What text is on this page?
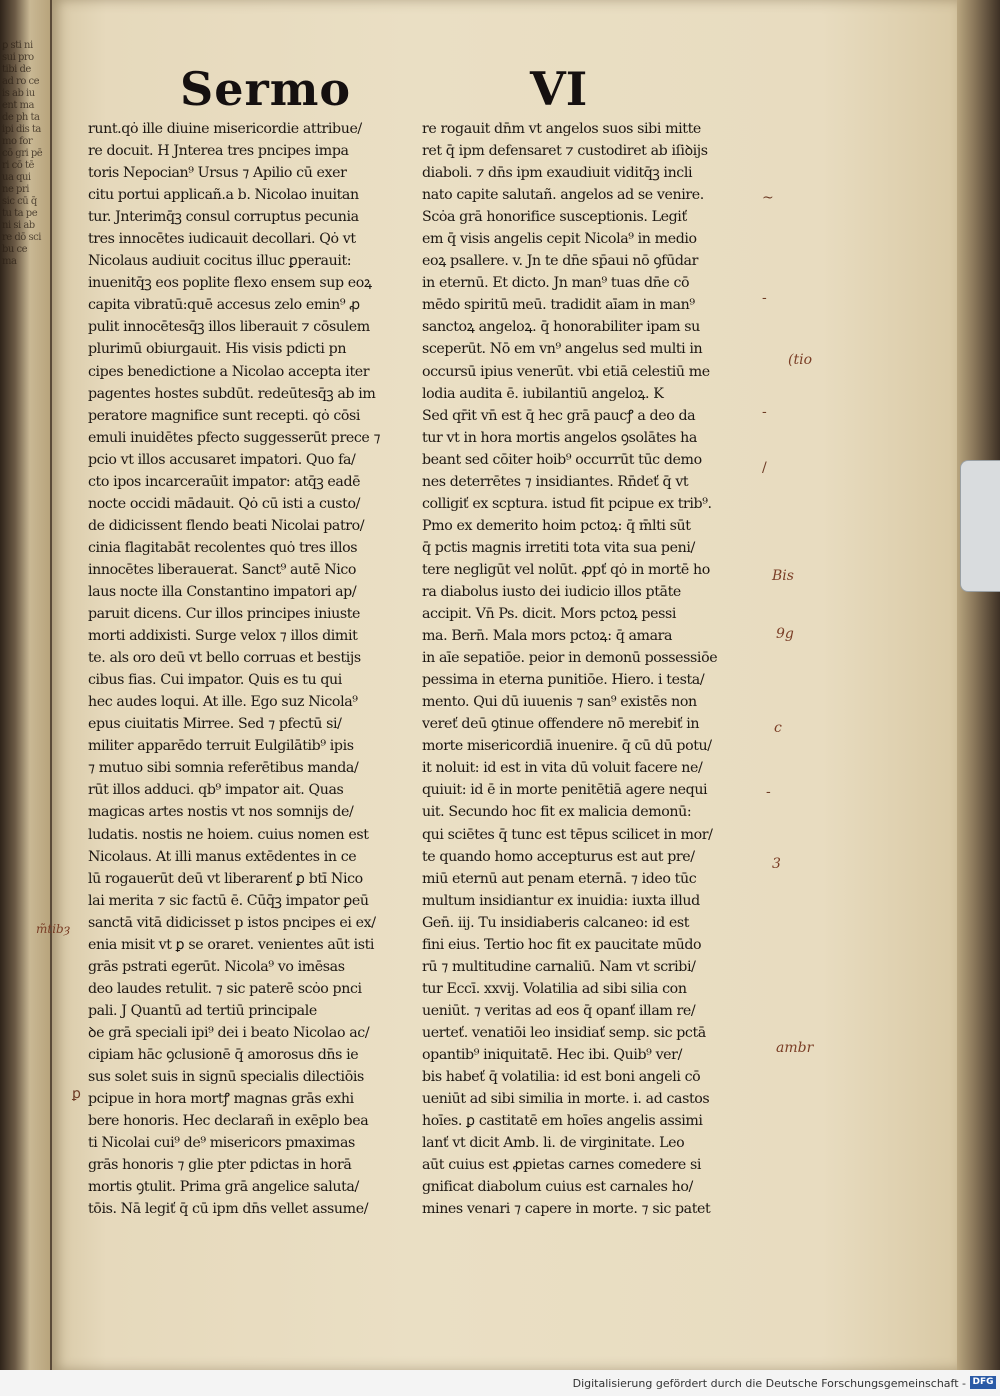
ꝑ sti ni sui pro tibi de ad ro ce is ab iu ent ma de ph ta ipi dis ta mo for cō gri pē ri cō tē ua qui ne pri sic cū q̄ tu ta pe ni si ab re dō sci bu ce ma
Sermo	VI
runt.qȯ ille diuine misericordie attribue/
re docuit. H Jnterea tres pncipes impa
toris Nepocian⁹ Ursus ⁊ Apilio cū exer
citu portui applicañ.a b. Nicolao inuitan
tur. Jnterimq̄ꝫ consul corruptus pecunia
tres innocētes iudicauit decollari. Qȯ vt
Nicolaus audiuit cocitus illuc ꝑperauit:
inuenitq̄ꝫ eos poplite flexo ensem sup eoꝝ
capita vibratū:quē accesus zelo emin⁹ ꝓ
pulit innocētesq̄ꝫ illos liberauit ⁊ cōsulem
plurimū obiurgauit. His visis pdicti pn
cipes benedictione a Nicolao accepta iter
pagentes hostes subdūt. redeūtesq̄ꝫ ab im
peratore magnifice sunt recepti. qȯ cōsi
emuli inuidētes pfecto suggesserūt prece ⁊
pcio vt illos accusaret impatori. Quo fa/
cto ipos incarceraūit impator: atq̄ꝫ eadē
nocte occidi mādauit. Qȯ cū isti a custo/
de didicissent flendo beati Nicolai patro/
cinia flagitabāt recolentes quȯ tres illos
innocētes liberauerat. Sanct⁹ autē Nico
laus nocte illa Constantino impatori ap/
paruit dicens. Cur illos principes iniuste
morti addixisti. Surge velox ⁊ illos dimit
te. als oro deū vt bello corruas et bestijs
cibus fias. Cui impator. Quis es tu qui
hec audes loqui. At ille. Ego suz Nicola⁹
epus ciuitatis Mirree. Sed ⁊ pfectū si/
militer apparēdo terruit Eulgilātib⁹ ipis
⁊ mutuo sibi somnia referētibus manda/
rūt illos adduci. qb⁹ impator ait. Quas
magicas artes nostis vt nos somnijs de/
ludatis. nostis ne hoiem. cuius nomen est
Nicolaus. At illi manus extēdentes in ce
lū rogauerūt deū vt liberarenť ꝑ btī Nico
lai merita ⁊ sic factū ē. Cūq̄ꝫ impator ꝑeū
sanctā vitā didicisset p istos pncipes ei ex/
enia misit vt ꝑ se oraret. venientes aūt isti
grās pstrati egerūt. Nicola⁹ vo imēsas
deo laudes retulit. ⁊ sic paterē scȯo pnci
pali. J Quantū ad tertiū principale
ꝺe grā speciali ipi⁹ dei i beato Nicolao ac/
cipiam hāc ꝯclusionē q̄ amorosus dn̄s ie
sus solet suis in signū specialis dilectiōis
pcipue in hora mortꝭ magnas grās exhi
bere honoris. Hec declarañ in exēplo bea
ti Nicolai cui⁹ de⁹ misericors pmaximas
grās honoris ⁊ glie pter pdictas in horā
mortis ꝯtulit. Prima grā angelice saluta/
tōis. Nā legiť q̄ cū ipm dn̄s vellet assume/
re rogauit dn̄m vt angelos suos sibi mitte
ret q̄ ipm defensaret ⁊ custodiret ab iſiꝺijs
diaboli. ⁊ dn̄s ipm exaudiuit viditq̄ꝫ incli
nato capite salutañ. angelos ad se venire.
Scȯa grā honorifice susceptionis. Legiť
em q̄ visis angelis cepit Nicola⁹ in medio
eoꝝ psallere. v. Jn te dn̄e sp̄aui nō ꝯfūdar
in eternū. Et dicto. Jn man⁹ tuas dn̄e cō
mēdo spiritū meū. tradidit aīam in man⁹
sanctoꝝ angeloꝝ. q̄ honorabiliter ipam su
sceperūt. Nō em vn⁹ angelus sed multi in
occursū ipius venerūt. vbi etiā celestiū me
lodia audita ē. iubilantiū angeloꝝ. K
Sed qr̄it vn̄ est q̄ hec grā paucꝭ a deo da
tur vt in hora mortis angelos ꝯsolātes ha
beant sed cōiter hoib⁹ occurrūt tūc demo
nes deterrētes ⁊ insidiantes. Rn̄deť q̄ vt
colligiť ex scptura. istud fit pcipue ex trib⁹.
Pmo ex demerito hoim pctoꝝ: q̄ m̄lti sūt
q̄ pctis magnis irretiti tota vita sua peni/
tere negligūt vel nolūt. ꝓpť qȯ in mortē ho
ra diabolus iusto dei iudicio illos ptāte
accipit. Vn̄ Ps. dicit. Mors pctoꝝ pessi
ma. Bern̄. Mala mors pctoꝝ: q̄ amara
in aīe sepatiōe. peior in demonū possessiōe
pessima in eterna punitiōe. Hiero. i testa/
mento. Qui dū iuuenis ⁊ san⁹ existēs non
vereť deū ꝯtinue offendere nō merebiť in
morte misericordiā inuenire. q̄ cū dū potu/
it noluit: id est in vita dū voluit facere ne/
quiuit: id ē in morte penitētiā agere nequi
uit. Secundo hoc fit ex malicia demonū:
qui sciētes q̄ tunc est tēpus scilicet in mor/
te quando homo accepturus est aut pre/
miū eternū aut penam eternā. ⁊ ideo tūc
multum insidiantur ex inuidia: iuxta illud
Gen̄. iij. Tu insidiaberis calcaneo: id est
fini eius. Tertio hoc fit ex paucitate mūdo
rū ⁊ multitudine carnaliū. Nam vt scribi/
tur Eccī. xxvij. Volatilia ad sibi silia con
ueniūt. ⁊ veritas ad eos q̄ opanť illam re/
uerteť. venatiōi leo insidiať semp. sic pctā
opantib⁹ iniquitatē. Hec ibi. Quib⁹ ver/
bis habeť q̄ volatilia: id est boni angeli cō
ueniūt ad sibi similia in morte. i. ad castos
hoīes. ꝑ castitatē em hoīes angelis assimi
lanť vt dicit Amb. li. de virginitate. Leo
aūt cuius est ꝓpietas carnes comedere si
gnificat diabolum cuius est carnales ho/
mines venari ⁊ capere in morte. ⁊ sic patet
Bis
9g
c
3
ambr
m̃tibȝ
(tio
~
-
-
/
-
ꝑ
Digitalisierung gefördert durch die Deutsche Forschungsgemeinschaft - DFG
